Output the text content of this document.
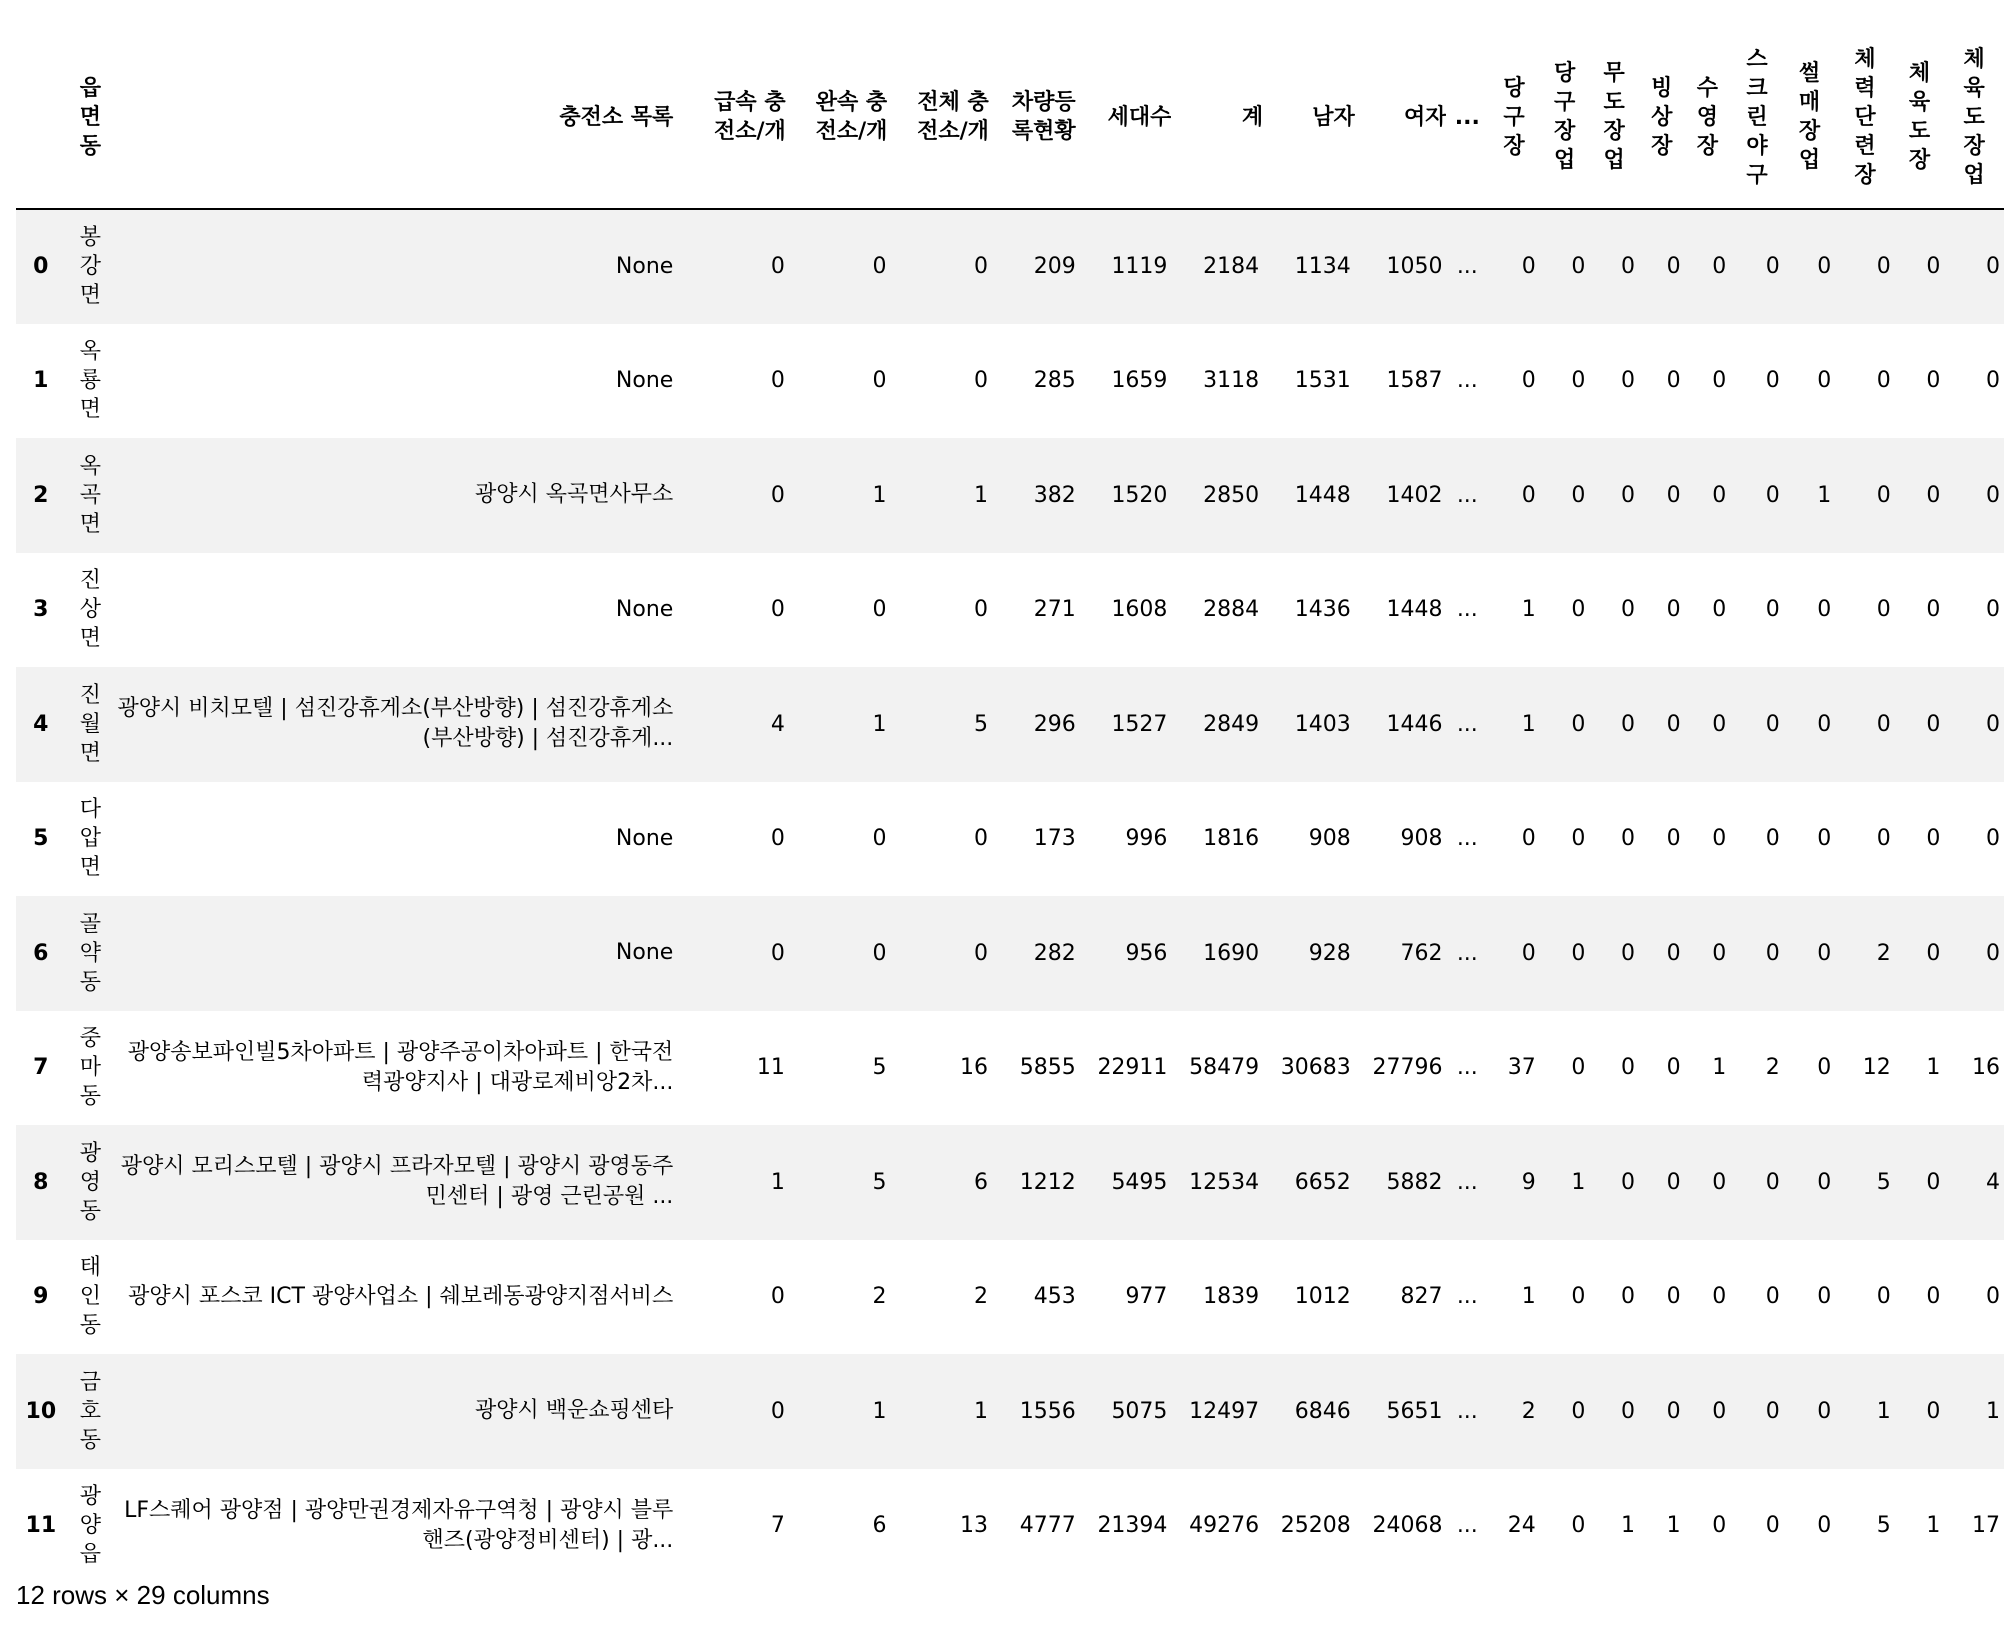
	읍면동	충전소 목록	급속 충전소/개	완속 충전소/개	전체 충전소/개	차량등록현황	세대수	계	남자	여자	...	당구장	당구장업	무도장업	빙상장	수영장	스크린야구	썰매장업	체력단련장	체육도장	체육도장업
0	봉강면	None	0	0	0	209	1119	2184	1134	1050	...	0	0	0	0	0	0	0	0	0	0
1	옥룡면	None	0	0	0	285	1659	3118	1531	1587	...	0	0	0	0	0	0	0	0	0	0
2	옥곡면	광양시 옥곡면사무소	0	1	1	382	1520	2850	1448	1402	...	0	0	0	0	0	0	1	0	0	0
3	진상면	None	0	0	0	271	1608	2884	1436	1448	...	1	0	0	0	0	0	0	0	0	0
4	진월면	광양시 비치모텔 | 섬진강휴게소(부산방향) | 섬진강휴게소(부산방향) | 섬진강휴게...	4	1	5	296	1527	2849	1403	1446	...	1	0	0	0	0	0	0	0	0	0
5	다압면	None	0	0	0	173	996	1816	908	908	...	0	0	0	0	0	0	0	0	0	0
6	골약동	None	0	0	0	282	956	1690	928	762	...	0	0	0	0	0	0	0	2	0	0
7	중마동	광양송보파인빌5차아파트 | 광양주공이차아파트 | 한국전력광양지사 | 대광로제비앙2차...	11	5	16	5855	22911	58479	30683	27796	...	37	0	0	0	1	2	0	12	1	16
8	광영동	광양시 모리스모텔 | 광양시 프라자모텔 | 광양시 광영동주민센터 | 광영 근린공원 ...	1	5	6	1212	5495	12534	6652	5882	...	9	1	0	0	0	0	0	5	0	4
9	태인동	광양시 포스코 ICT 광양사업소 | 쉐보레동광양지점서비스	0	2	2	453	977	1839	1012	827	...	1	0	0	0	0	0	0	0	0	0
10	금호동	광양시 백운쇼핑센타	0	1	1	1556	5075	12497	6846	5651	...	2	0	0	0	0	0	0	1	0	1
11	광양읍	LF스퀘어 광양점 | 광양만권경제자유구역청 | 광양시 블루핸즈(광양정비센터) | 광...	7	6	13	4777	21394	49276	25208	24068	...	24	0	1	1	0	0	0	5	1	17
12 rows × 29 columns
